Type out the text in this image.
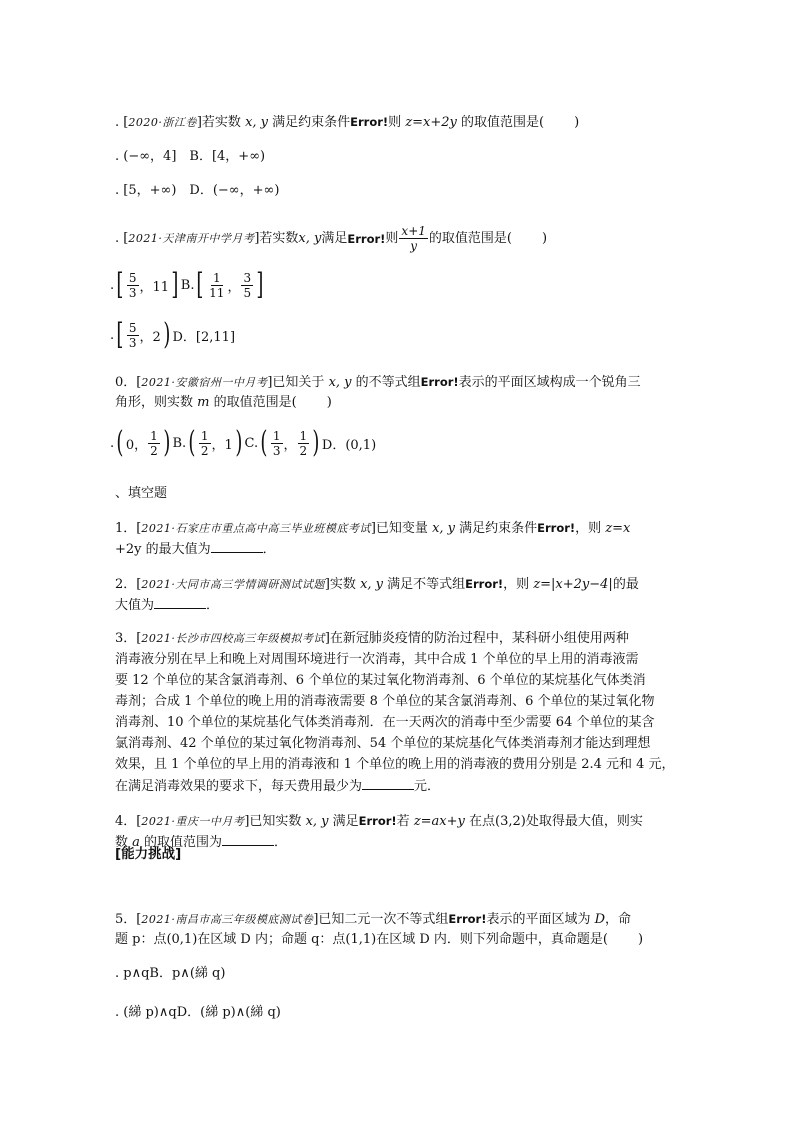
. [2020·浙江卷]若实数 x, y 满足约束条件Error!则 z=x+2y 的取值范围是( )
. (−∞，4]　B．[4，+∞)
. [5，+∞)　D．(−∞，+∞)
. [ 2021·天津南开中学月考 ]若实数 x, y 满足 Error! 则 $\frac{x+1}{y}$ 的取值范围是( )
. [ $\frac{5}{3}$ ，11 ] B. [ $\frac{1}{11}$ ， $\frac{3}{5}$ ]
. [ $\frac{5}{3}$ ，2 ) D．[2,11]
0．[2021·安徽宿州一中月考]已知关于 x, y 的不等式组Error!表示的平面区域构成一个锐角三
角形，则实数 m 的取值范围是( )
. ( 0， $\frac{1}{2}$ ) B. ( $\frac{1}{2}$ ，1 ) C. ( $\frac{1}{3}$ ， $\frac{1}{2}$ ) D．(0,1)
、填空题
1．[2021·石家庄市重点高中高三毕业班模底考试]已知变量 x, y 满足约束条件Error!，则 z=x
+2y 的最大值为	．
2．[2021·大同市高三学情调研测试试题]实数 x, y 满足不等式组Error!，则 z=|x+2y−4|的最
大值为	．
3．[2021·长沙市四校高三年级模拟考试]在新冠肺炎疫情的防治过程中，某科研小组使用两种
消毒液分别在早上和晚上对周围环境进行一次消毒，其中合成 1 个单位的早上用的消毒液需
要 12 个单位的某含氯消毒剂、6 个单位的某过氧化物消毒剂、6 个单位的某烷基化气体类消
毒剂；合成 1 个单位的晚上用的消毒液需要 8 个单位的某含氯消毒剂、6 个单位的某过氧化物
消毒剂、10 个单位的某烷基化气体类消毒剂．在一天两次的消毒中至少需要 64 个单位的某含
氯消毒剂、42 个单位的某过氧化物消毒剂、54 个单位的某烷基化气体类消毒剂才能达到理想
效果，且 1 个单位的早上用的消毒液和 1 个单位的晚上用的消毒液的费用分别是 2.4 元和 4 元，
在满足消毒效果的要求下，每天费用最少为	元．
4．[2021·重庆一中月考]已知实数 x, y 满足Error!若 z=ax+y 在点(3,2)处取得最大值，则实
数 a 的取值范围为	．
[能力挑战]
5．[2021·南昌市高三年级模底测试卷]已知二元一次不等式组Error!表示的平面区域为 D，命
题 p：点(0,1)在区域 D 内；命题 q：点(1,1)在区域 D 内．则下列命题中，真命题是( )
. p∧qB．p∧(綈 q)
. (綈 p)∧qD．(綈 p)∧(綈 q)
